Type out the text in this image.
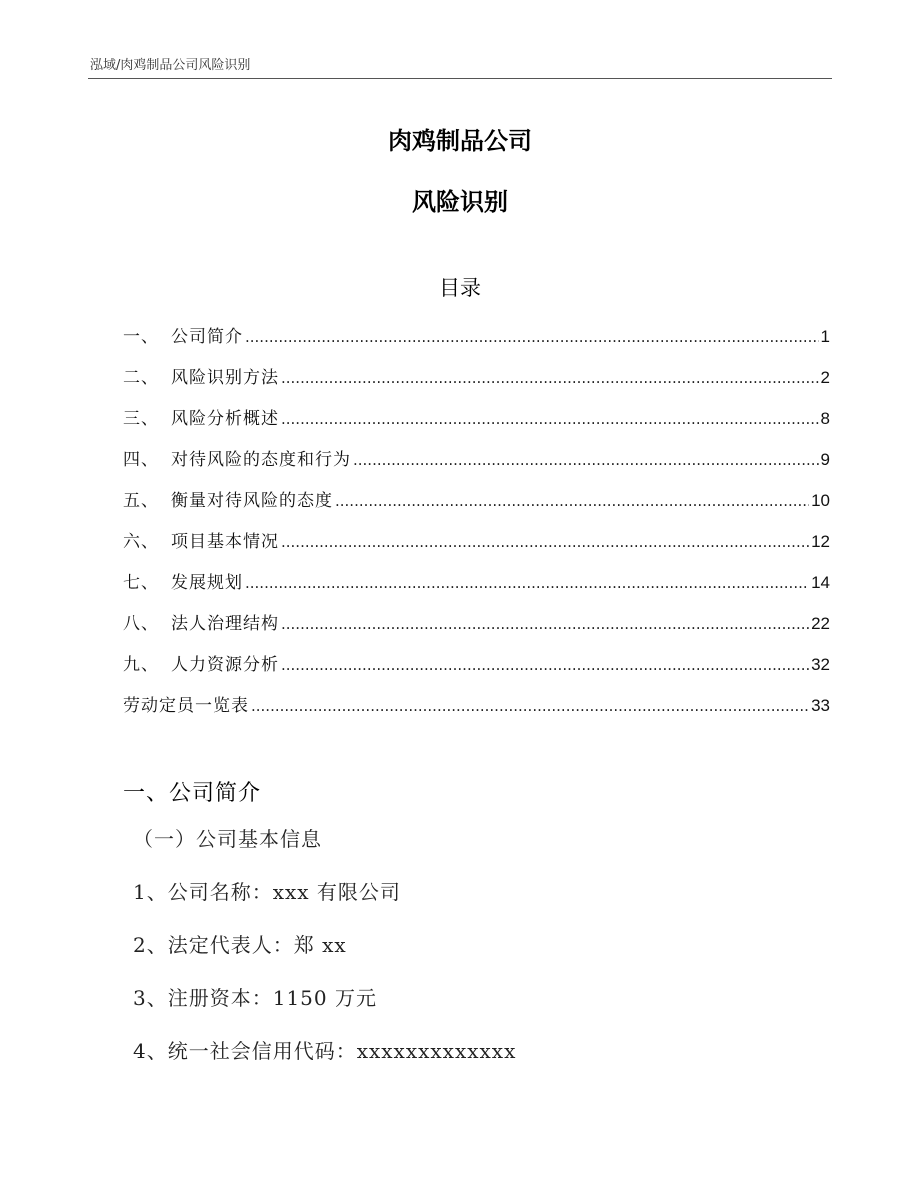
泓域/肉鸡制品公司风险识别
肉鸡制品公司
风险识别
目录
一、 公司简介 .....	1
二、 风险识别方法 .....	2
三、 风险分析概述 .....	8
四、 对待风险的态度和行为 .....	9
五、 衡量对待风险的态度 .....	10
六、 项目基本情况 .....	12
七、 发展规划 .....	14
八、 法人治理结构 .....	22
九、 人力资源分析 .....	32
劳动定员一览表 .....	33
一、公司简介
（一）公司基本信息
1、公司名称：xxx 有限公司
2、法定代表人：郑 xx
3、注册资本：1150 万元
4、统一社会信用代码：xxxxxxxxxxxxx
